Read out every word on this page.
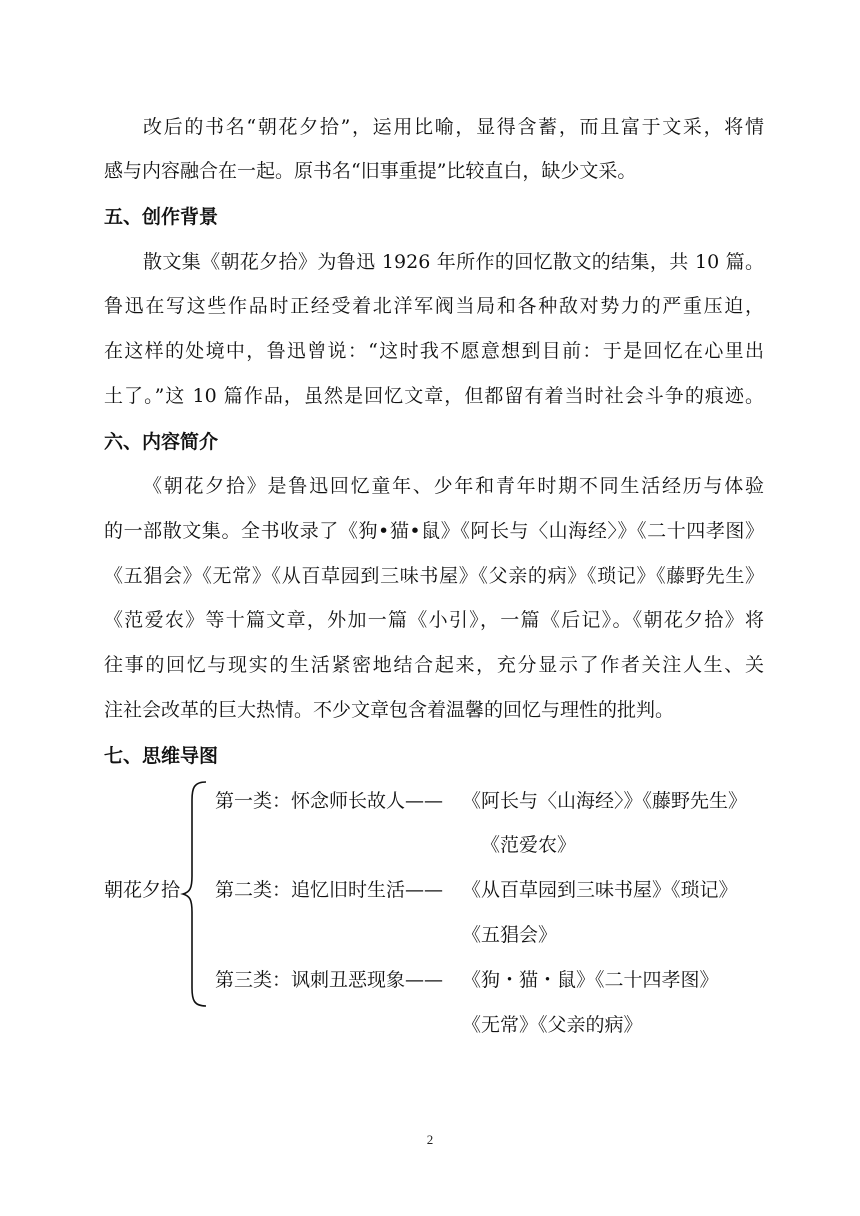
改后的书名“朝花夕拾”，运用比喻，显得含蓄，而且富于文采，将情
感与内容融合在一起。原书名“旧事重提”比较直白，缺少文采。
五、创作背景
散文集《朝花夕拾》为鲁迅 1926 年所作的回忆散文的结集，共 10 篇。
鲁迅在写这些作品时正经受着北洋军阀当局和各种敌对势力的严重压迫，
在这样的处境中，鲁迅曾说：“这时我不愿意想到目前：于是回忆在心里出
土了。”这 10 篇作品，虽然是回忆文章，但都留有着当时社会斗争的痕迹。
六、内容简介
《朝花夕拾》是鲁迅回忆童年、少年和青年时期不同生活经历与体验
的一部散文集。全书收录了《狗•猫•鼠》《阿长与〈山海经〉》《二十四孝图》
《五猖会》《无常》《从百草园到三味书屋》《父亲的病》《琐记》《藤野先生》
《范爱农》等十篇文章，外加一篇《小引》，一篇《后记》。《朝花夕拾》将
往事的回忆与现实的生活紧密地结合起来，充分显示了作者关注人生、关
注社会改革的巨大热情。不少文章包含着温馨的回忆与理性的批判。
七、思维导图
朝花夕拾
第一类：怀念师长故人—— 《阿长与〈山海经〉》《藤野先生》
《范爱农》
第二类：追忆旧时生活—— 《从百草园到三味书屋》《琐记》
《五猖会》
第三类：讽刺丑恶现象—— 《狗・猫・鼠》《二十四孝图》
《无常》《父亲的病》
2
